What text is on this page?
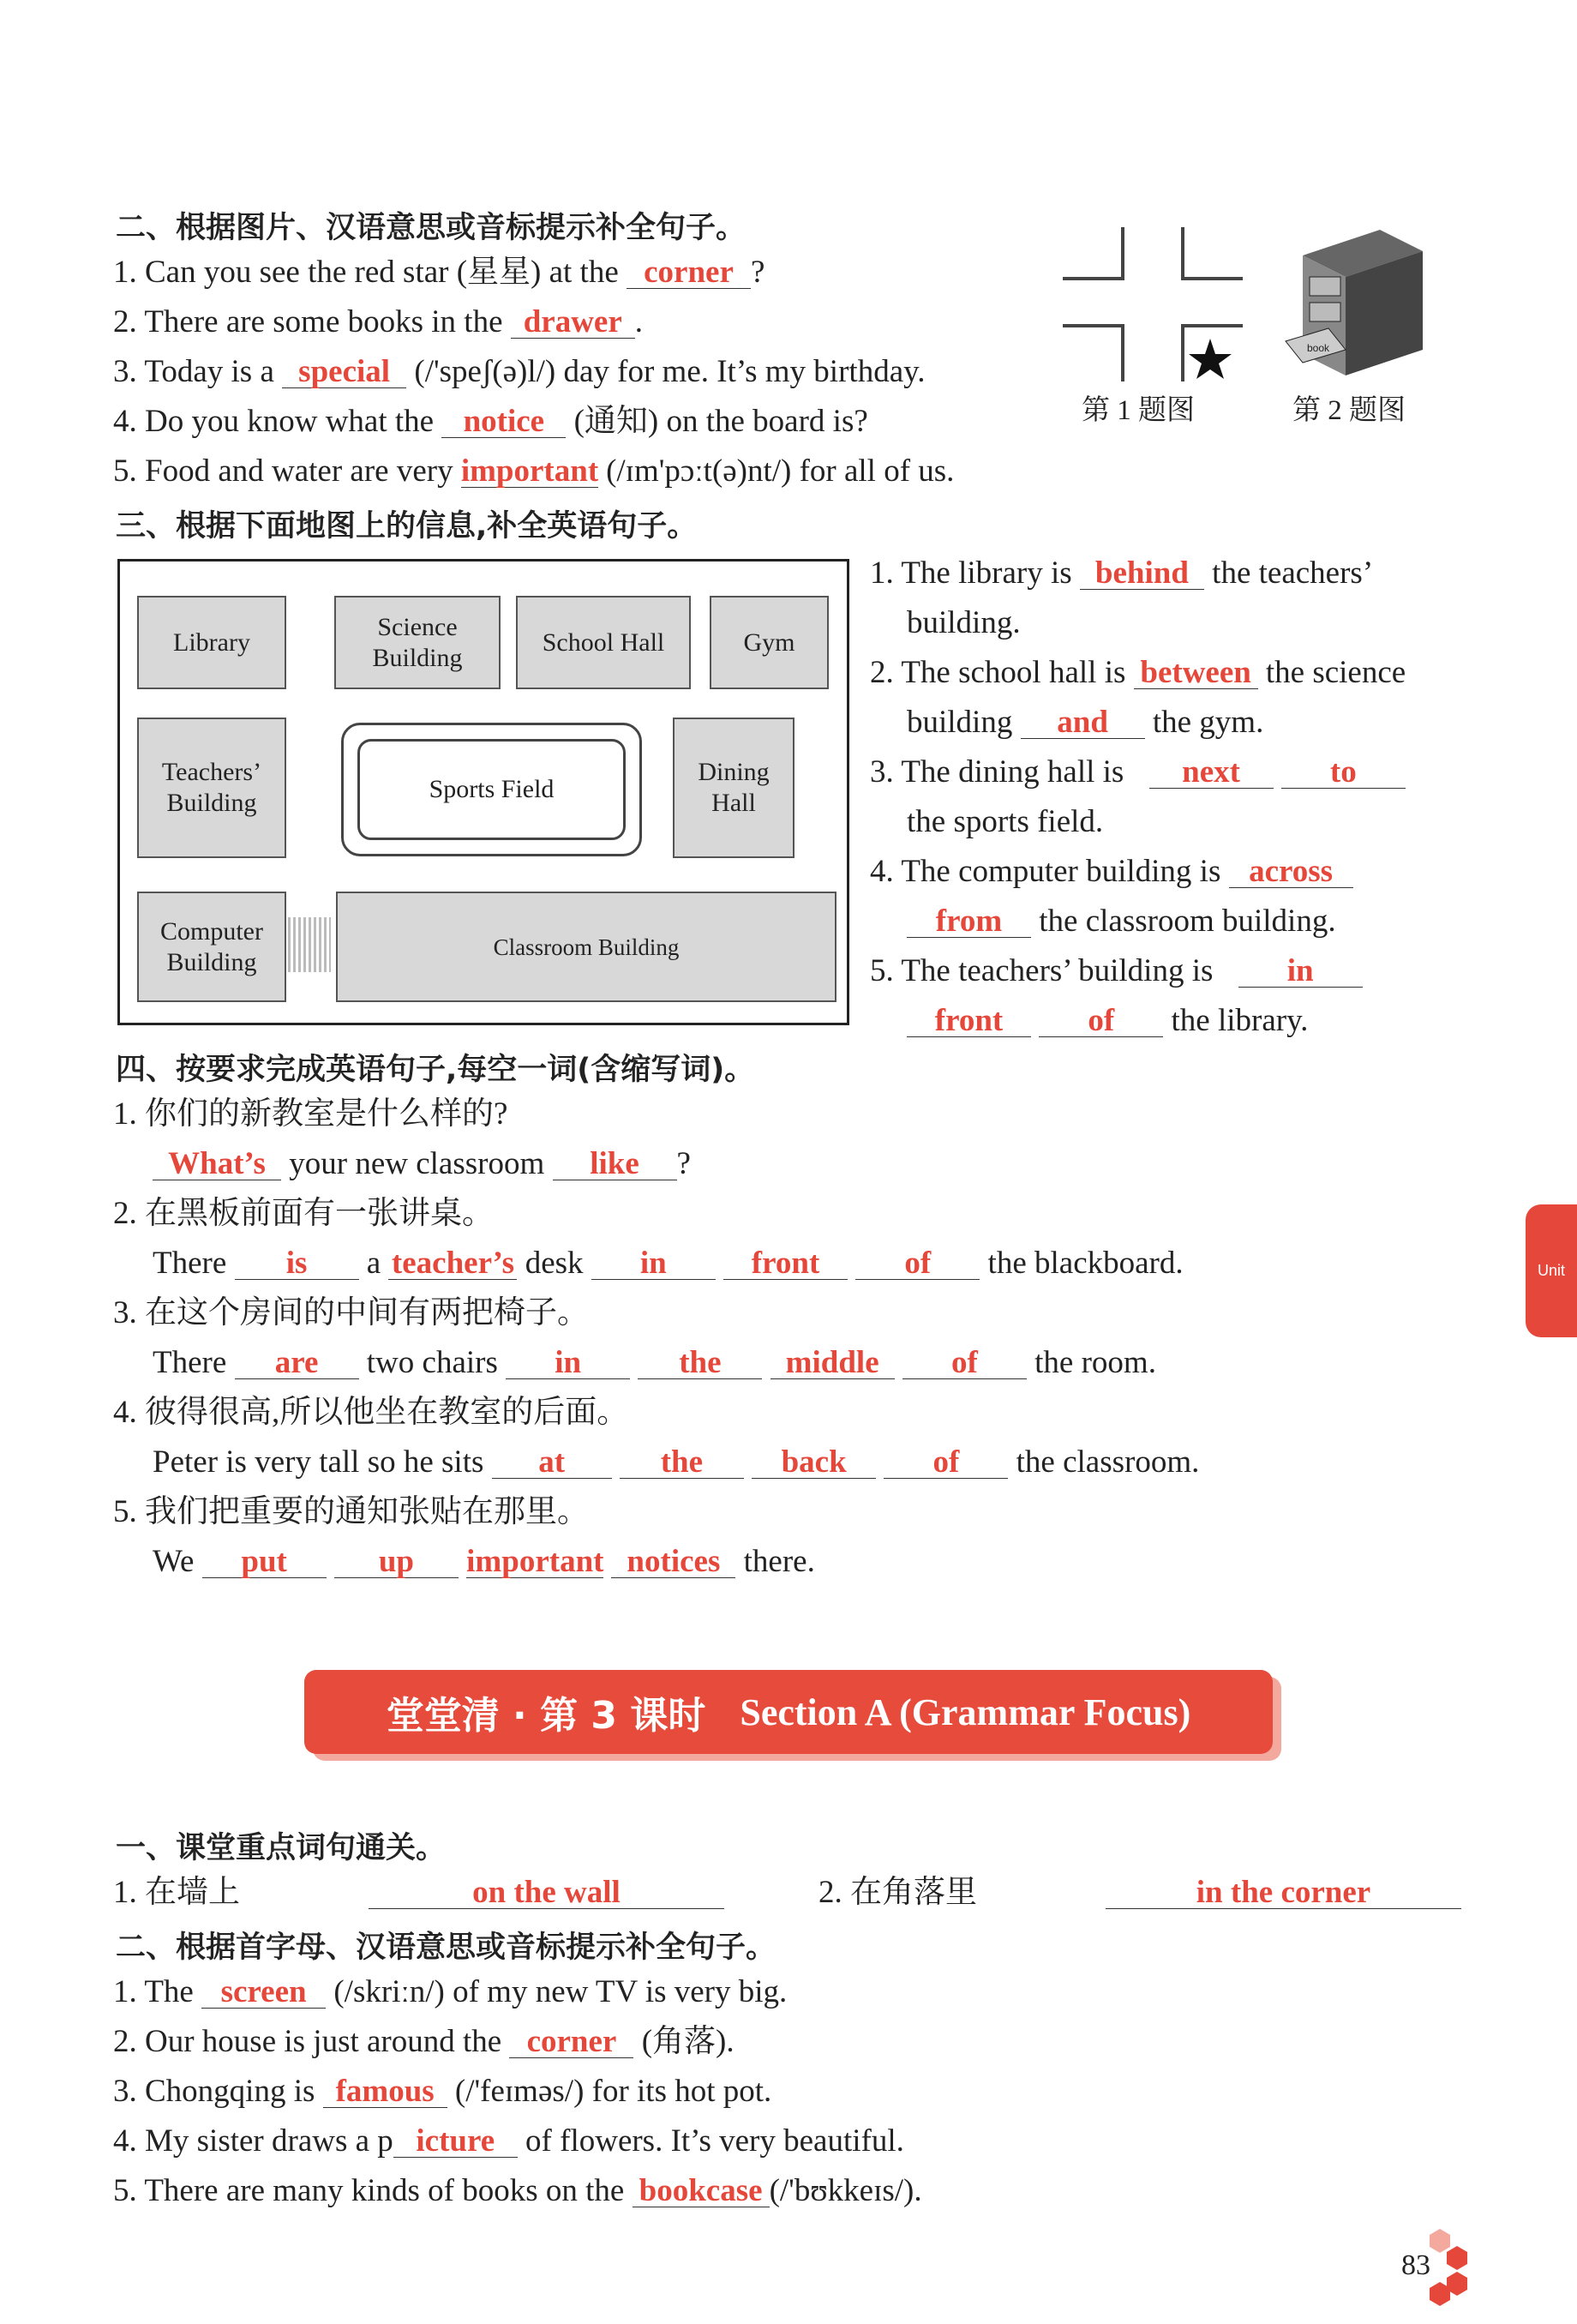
二、根据图片、汉语意思或音标提示补全句子。
1. Can you see the red star (星星) at the corner ?
2. There are some books in the drawer .
3. Today is a special (/'speʃ(ə)l/) day for me. It’s my birthday.
4. Do you know what the notice (通知) on the board is?
5. Food and water are very important (/ɪm'pɔːt(ə)nt/) for all of us.
第 1 题图
book
第 2 题图
三、根据下面地图上的信息,补全英语句子。
Library
Science Building
School Hall	Gym
Teachers’ Building	Sports Field
Dining Hall
Computer Building
Classroom Building
1. The library is behind the teachers’
building.
2. The school hall is between the science
building and the gym.
3. The dining hall is next	to
the sports field.
4. The computer building is across
from the classroom building.
5. The teachers’ building is in
front	of the library.
四、按要求完成英语句子,每空一词(含缩写词)。
1. 你们的新教室是什么样的?
What’s your new classroom like ?
2. 在黑板前面有一张讲桌。
There is a teacher’s desk in	front	of the blackboard.
3. 在这个房间的中间有两把椅子。
There are two chairs in	the middle of the room.
4. 彼得很高,所以他坐在教室的后面。
Peter is very tall so he sits at	the back	of the classroom.
5. 我们把重要的通知张贴在那里。
We put	up important notices there.
堂堂清 · 第 3 课时 Section A (Grammar Focus)
一、课堂重点词句通关。
1. 在墙上	on the wall	2. 在角落里	in the corner
二、根据首字母、汉语意思或音标提示补全句子。
1. The screen (/skriːn/) of my new TV is very big.
2. Our house is just around the corner (角落).
3. Chongqing is famous (/'feɪməs/) for its hot pot.
4. My sister draws a p icture of flowers. It’s very beautiful.
5. There are many kinds of books on the bookcase (/'bʊkkeɪs/).
Unit
83
